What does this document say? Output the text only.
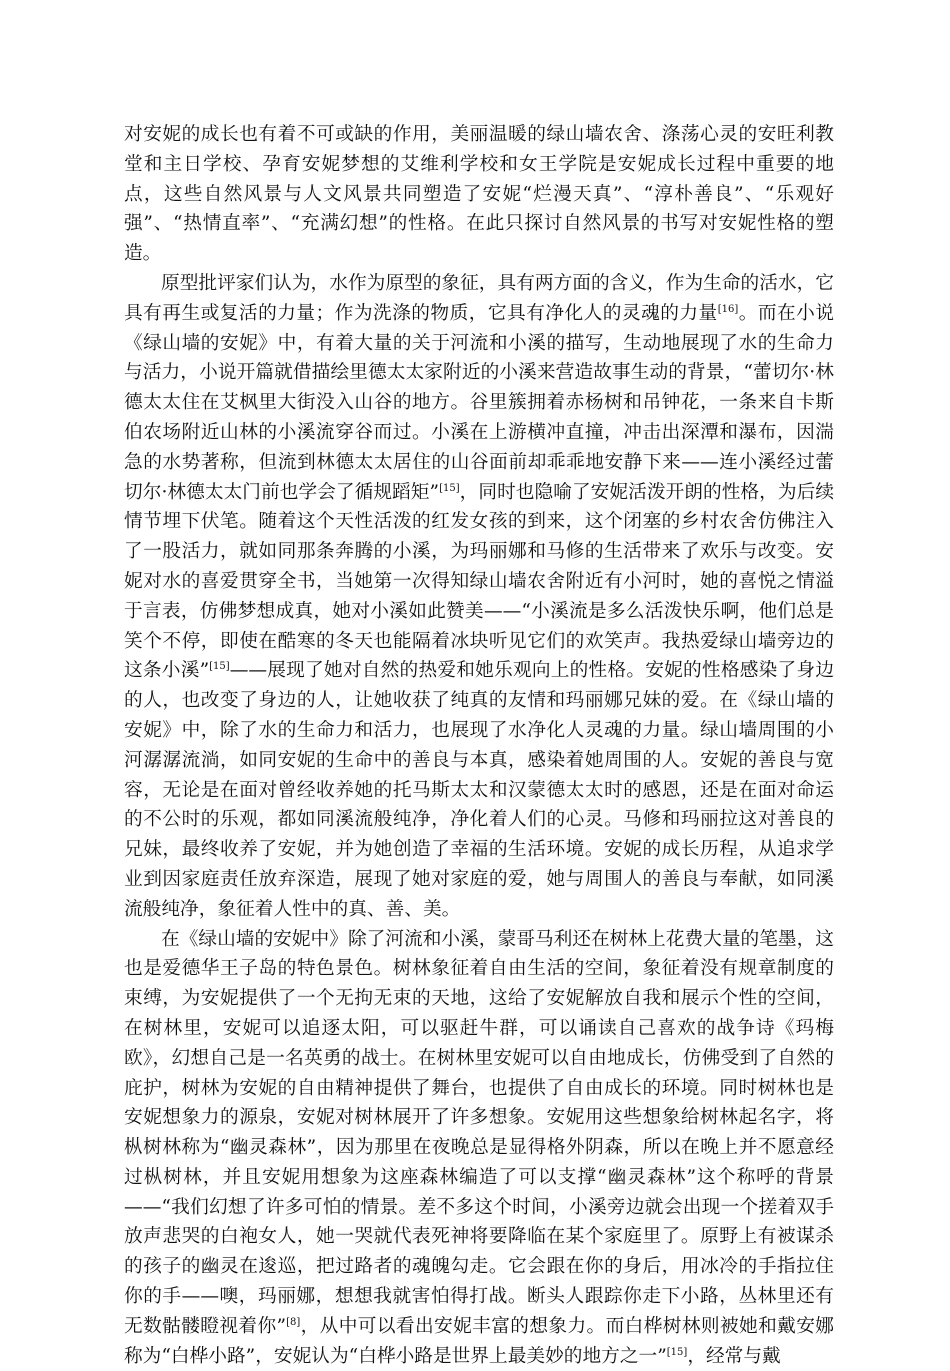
对安妮的成长也有着不可或缺的作用，美丽温暖的绿山墙农舍、涤荡心灵的安旺利教堂和主日学校、孕育安妮梦想的艾维利学校和女王学院是安妮成长过程中重要的地点，这些自然风景与人文风景共同塑造了安妮“烂漫天真”、“淳朴善良”、“乐观好强”、“热情直率”、“充满幻想”的性格。在此只探讨自然风景的书写对安妮性格的塑造。

原型批评家们认为，水作为原型的象征，具有两方面的含义，作为生命的活水，它具有再生或复活的力量；作为洗涤的物质，它具有净化人的灵魂的力量[16]。而在小说《绿山墙的安妮》中，有着大量的关于河流和小溪的描写，生动地展现了水的生命力与活力，小说开篇就借描绘里德太太家附近的小溪来营造故事生动的背景，“蕾切尔·林德太太住在艾枫里大街没入山谷的地方。谷里簇拥着赤杨树和吊钟花，一条来自卡斯伯农场附近山林的小溪流穿谷而过。小溪在上游横冲直撞，冲击出深潭和瀑布，因湍急的水势著称，但流到林德太太居住的山谷面前却乖乖地安静下来——连小溪经过蕾切尔·林德太太门前也学会了循规蹈矩”[15]，同时也隐喻了安妮活泼开朗的性格，为后续情节埋下伏笔。随着这个天性活泼的红发女孩的到来，这个闭塞的乡村农舍仿佛注入了一股活力，就如同那条奔腾的小溪，为玛丽娜和马修的生活带来了欢乐与改变。安妮对水的喜爱贯穿全书，当她第一次得知绿山墙农舍附近有小河时，她的喜悦之情溢于言表，仿佛梦想成真，她对小溪如此赞美——“小溪流是多么活泼快乐啊，他们总是笑个不停，即使在酷寒的冬天也能隔着冰块听见它们的欢笑声。我热爱绿山墙旁边的这条小溪”[15]——展现了她对自然的热爱和她乐观向上的性格。安妮的性格感染了身边的人，也改变了身边的人，让她收获了纯真的友情和玛丽娜兄妹的爱。在《绿山墙的安妮》中，除了水的生命力和活力，也展现了水净化人灵魂的力量。绿山墙周围的小河潺潺流淌，如同安妮的生命中的善良与本真，感染着她周围的人。安妮的善良与宽容，无论是在面对曾经收养她的托马斯太太和汉蒙德太太时的感恩，还是在面对命运的不公时的乐观，都如同溪流般纯净，净化着人们的心灵。马修和玛丽拉这对善良的兄妹，最终收养了安妮，并为她创造了幸福的生活环境。安妮的成长历程，从追求学业到因家庭责任放弃深造，展现了她对家庭的爱，她与周围人的善良与奉献，如同溪流般纯净，象征着人性中的真、善、美。

在《绿山墙的安妮中》除了河流和小溪，蒙哥马利还在树林上花费大量的笔墨，这也是爱德华王子岛的特色景色。树林象征着自由生活的空间，象征着没有规章制度的束缚，为安妮提供了一个无拘无束的天地，这给了安妮解放自我和展示个性的空间，在树林里，安妮可以追逐太阳，可以驱赶牛群，可以诵读自己喜欢的战争诗《玛梅欧》，幻想自己是一名英勇的战士。在树林里安妮可以自由地成长，仿佛受到了自然的庇护，树林为安妮的自由精神提供了舞台，也提供了自由成长的环境。同时树林也是安妮想象力的源泉，安妮对树林展开了许多想象。安妮用这些想象给树林起名字，将枞树林称为“幽灵森林”，因为那里在夜晚总是显得格外阴森，所以在晚上并不愿意经过枞树林，并且安妮用想象为这座森林编造了可以支撑“幽灵森林”这个称呼的背景——“我们幻想了许多可怕的情景。差不多这个时间，小溪旁边就会出现一个搓着双手放声悲哭的白袍女人，她一哭就代表死神将要降临在某个家庭里了。原野上有被谋杀的孩子的幽灵在逡巡，把过路者的魂魄勾走。它会跟在你的身后，用冰冷的手指拉住你的手——噢，玛丽娜，想想我就害怕得打战。断头人跟踪你走下小路，丛林里还有无数骷髅瞪视着你”[8]，从中可以看出安妮丰富的想象力。而白桦树林则被她和戴安娜称为“白桦小路”，安妮认为“白桦小路是世界上最美妙的地方之一”[15]，经常与戴
